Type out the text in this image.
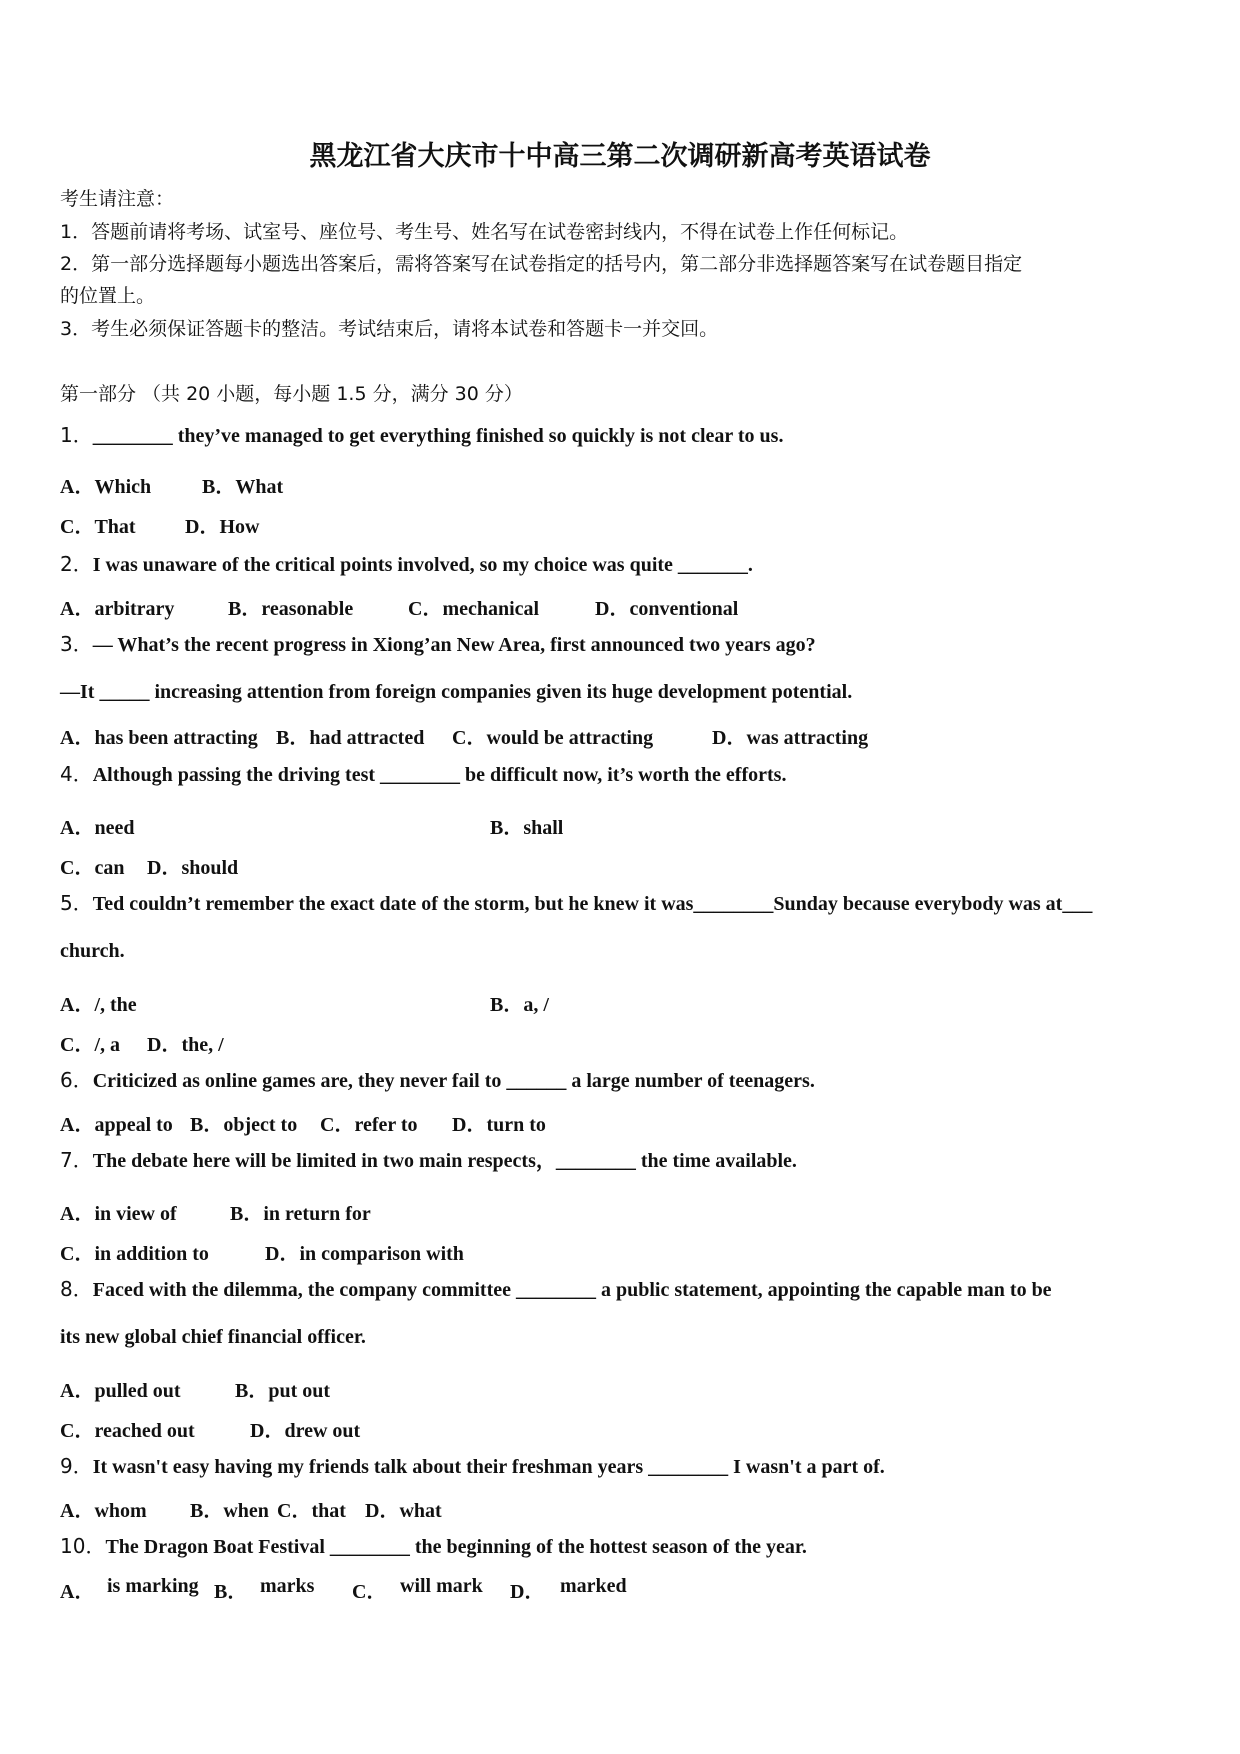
黑龙江省大庆市十中高三第二次调研新高考英语试卷
考生请注意：
1．答题前请将考场、试室号、座位号、考生号、姓名写在试卷密封线内，不得在试卷上作任何标记。
2．第一部分选择题每小题选出答案后，需将答案写在试卷指定的括号内，第二部分非选择题答案写在试卷题目指定
的位置上。
3．考生必须保证答题卡的整洁。考试结束后，请将本试卷和答题卡一并交回。
第一部分 （共 20 小题，每小题 1.5 分，满分 30 分）
1．________ they’ve managed to get everything finished so quickly is not clear to us.
A．Which	B．What
C．That D．How
2．I was unaware of the critical points involved, so my choice was quite _______.
A．arbitrary	B．reasonable	C．mechanical	D．conventional
3．— What’s the recent progress in Xiong’an New Area, first announced two years ago?
—It _____ increasing attention from foreign companies given its huge development potential.
A．has been attracting B．had attracted C．would be attracting	D．was attracting
4．Although passing the driving test ________ be difficult now, it’s worth the efforts.
A．need	B．shall
C．can D．should
5．Ted couldn’t remember the exact date of the storm, but he knew it was________Sunday because everybody was at___
church.
A．/, the	B．a, /
C．/, a D．the, /
6．Criticized as online games are, they never fail to ______ a large number of teenagers.
A．appeal to B．object to C．refer to D．turn to
7．The debate here will be limited in two main respects，________ the time available.
A．in view of	B．in return for
C．in addition to	D．in comparison with
8．Faced with the dilemma, the company committee ________ a public statement, appointing the capable man to be
its new global chief financial officer.
A．pulled out	B．put out
C．reached out	D．drew out
9．It wasn't easy having my friends talk about their freshman years ________ I wasn't a part of.
A．whom B．when C．that D．what
10．The Dragon Boat Festival ________ the beginning of the hottest season of the year.
A． is marking B． marks C． will mark D． marked
